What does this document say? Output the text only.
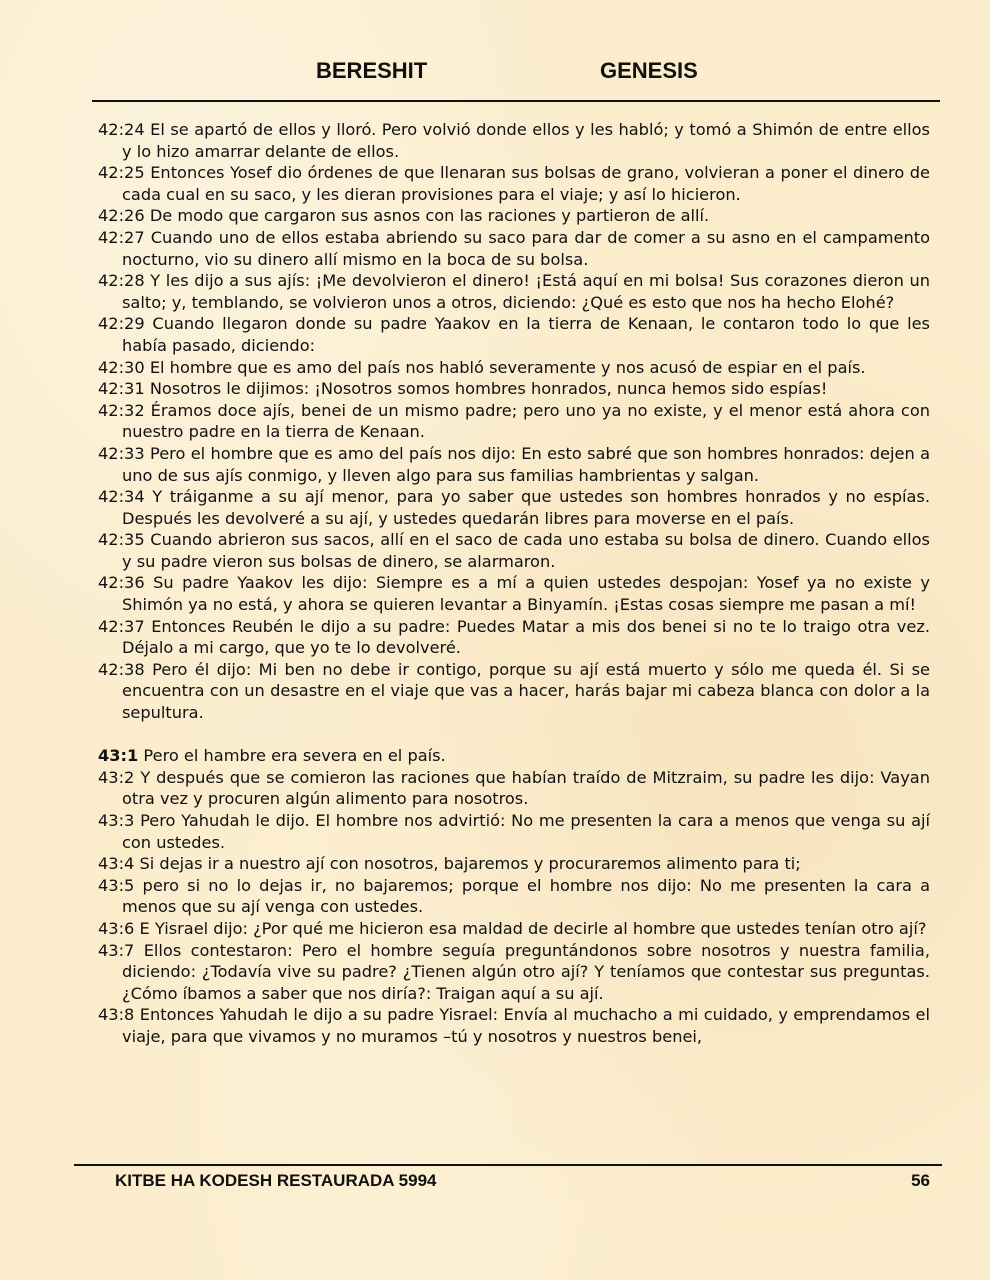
BERESHIT	GENESIS

42:24 El se apartó de ellos y lloró. Pero volvió donde ellos y les habló; y tomó a Shimón de entre ellos y lo hizo amarrar delante de ellos.

42:25 Entonces Yosef dio órdenes de que llenaran sus bolsas de grano, volvieran a poner el dinero de cada cual en su saco, y les dieran provisiones para el viaje; y así lo hicieron.

42:26 De modo que cargaron sus asnos con las raciones y partieron de allí.

42:27 Cuando uno de ellos estaba abriendo su saco para dar de comer a su asno en el campamento nocturno, vio su dinero allí mismo en la boca de su bolsa.

42:28 Y les dijo a sus ajís: ¡Me devolvieron el dinero! ¡Está aquí en mi bolsa! Sus corazones dieron un salto; y, temblando, se volvieron unos a otros, diciendo: ¿Qué es esto que nos ha hecho Elohé?

42:29 Cuando llegaron donde su padre Yaakov en la tierra de Kenaan, le contaron todo lo que les había pasado, diciendo:

42:30 El hombre que es amo del país nos habló severamente y nos acusó de espiar en el país.

42:31 Nosotros le dijimos: ¡Nosotros somos hombres honrados, nunca hemos sido espías!

42:32 Éramos doce ajís, benei de un mismo padre; pero uno ya no existe, y el menor está ahora con nuestro padre en la tierra de Kenaan.

42:33 Pero el hombre que es amo del país nos dijo: En esto sabré que son hombres honrados: dejen a uno de sus ajís conmigo, y lleven algo para sus familias hambrientas y salgan.

42:34 Y tráiganme a su ají menor, para yo saber que ustedes son hombres honrados y no espías. Después les devolveré a su ají, y ustedes quedarán libres para moverse en el país.

42:35 Cuando abrieron sus sacos, allí en el saco de cada uno estaba su bolsa de dinero. Cuando ellos y su padre vieron sus bolsas de dinero, se alarmaron.

42:36 Su padre Yaakov les dijo: Siempre es a mí a quien ustedes despojan: Yosef ya no existe y Shimón ya no está, y ahora se quieren levantar a Binyamín. ¡Estas cosas siempre me pasan a mí!

42:37 Entonces Reubén le dijo a su padre: Puedes Matar a mis dos benei si no te lo traigo otra vez. Déjalo a mi cargo, que yo te lo devolveré.

42:38 Pero él dijo: Mi ben no debe ir contigo, porque su ají está muerto y sólo me queda él. Si se encuentra con un desastre en el viaje que vas a hacer, harás bajar mi cabeza blanca con dolor a la sepultura.

43:1 Pero el hambre era severa en el país.

43:2 Y después que se comieron las raciones que habían traído de Mitzraim, su padre les dijo: Vayan otra vez y procuren algún alimento para nosotros.

43:3 Pero Yahudah le dijo. El hombre nos advirtió: No me presenten la cara a menos que venga su ají con ustedes.

43:4 Si dejas ir a nuestro ají con nosotros, bajaremos y procuraremos alimento para ti;

43:5 pero si no lo dejas ir, no bajaremos; porque el hombre nos dijo: No me presenten la cara a menos que su ají venga con ustedes.

43:6 E Yisrael dijo: ¿Por qué me hicieron esa maldad de decirle al hombre que ustedes tenían otro ají?

43:7 Ellos contestaron: Pero el hombre seguía preguntándonos sobre nosotros y nuestra familia, diciendo: ¿Todavía vive su padre? ¿Tienen algún otro ají? Y teníamos que contestar sus preguntas. ¿Cómo íbamos a saber que nos diría?: Traigan aquí a su ají.

43:8 Entonces Yahudah le dijo a su padre Yisrael: Envía al muchacho a mi cuidado, y emprendamos el viaje, para que vivamos y no muramos –tú y nosotros y nuestros benei,

KITBE HA KODESH RESTAURADA 5994	56
